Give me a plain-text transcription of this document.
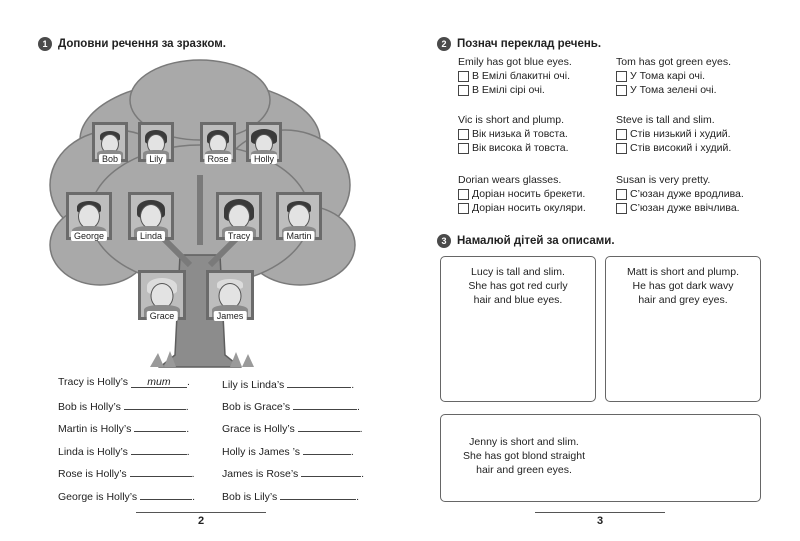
1 Доповни речення за зразком.
Bob	Lily	Rose	Holly
George	Linda	Tracy	Martin
Grace	James
Tracy is Holly’s mum .
Bob is Holly’s	.
Martin is Holly’s	.
Linda is Holly’s	.
Rose is Holly’s	.
George is Holly’s	.
Lily is Linda’s	.
Bob is Grace’s	.
Grace is Holly’s	.
Holly is James ’s	.
James is Rose’s	.
Bob is Lily’s	.
2
2 Познач переклад речень.
Emily has got blue eyes.
В Емілі блакитні очі.
В Емілі сірі очі.
Tom has got green eyes.
У Тома карі очі.
У Тома зелені очі.
Vic is short and plump.
Вік низька й товста.
Вік висока й товста.
Steve is tall and slim.
Стів низький і худий.
Стів високий і худий.
Dorian wears glasses.
Доріан носить брекети.
Доріан носить окуляри.
Susan is very pretty.
С’юзан дуже вродлива.
С’юзан дуже ввічлива.
3 Намалюй дітей за описами.
Lucy is tall and slim.
She has got red curly
hair and blue eyes.
Matt is short and plump.
He has got dark wavy
hair and grey eyes.
Jenny is short and slim.
She has got blond straight
hair and green eyes.
3
